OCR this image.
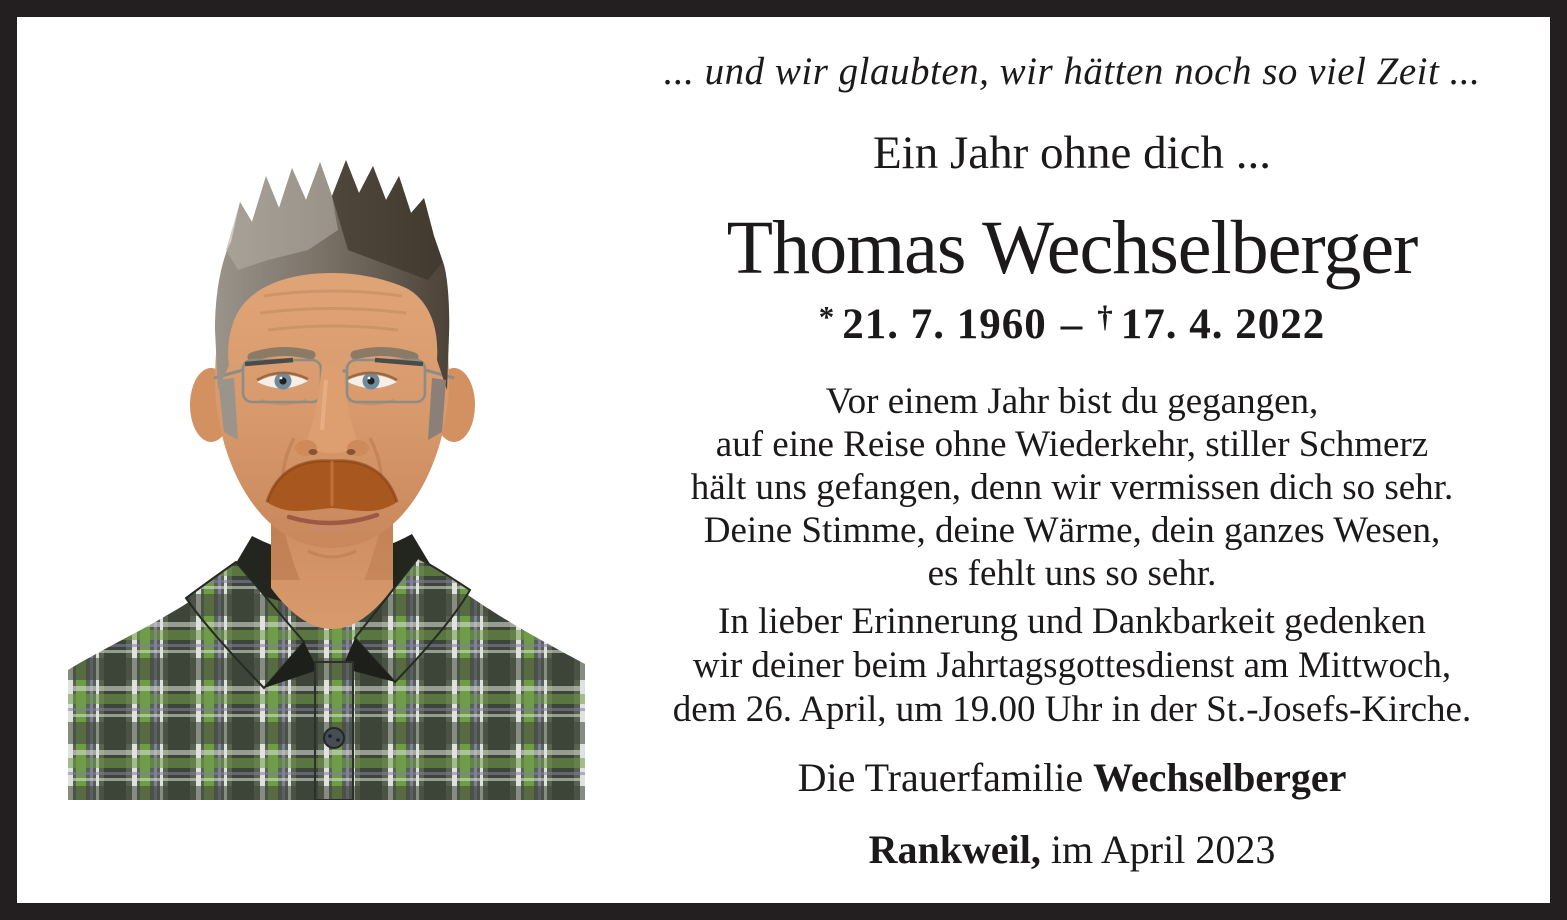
... und wir glaubten, wir hätten noch so viel Zeit ...
Ein Jahr ohne dich ...
Thomas Wechselberger
* 21. 7. 1960 – † 17. 4. 2022
Vor einem Jahr bist du gegangen,
auf eine Reise ohne Wiederkehr, stiller Schmerz
hält uns gefangen, denn wir vermissen dich so sehr.
Deine Stimme, deine Wärme, dein ganzes Wesen,
es fehlt uns so sehr.
In lieber Erinnerung und Dankbarkeit gedenken
wir deiner beim Jahrtagsgottesdienst am Mittwoch,
dem 26. April, um 19.00 Uhr in der St.-Josefs-Kirche.
Die Trauerfamilie Wechselberger
Rankweil, im April 2023
